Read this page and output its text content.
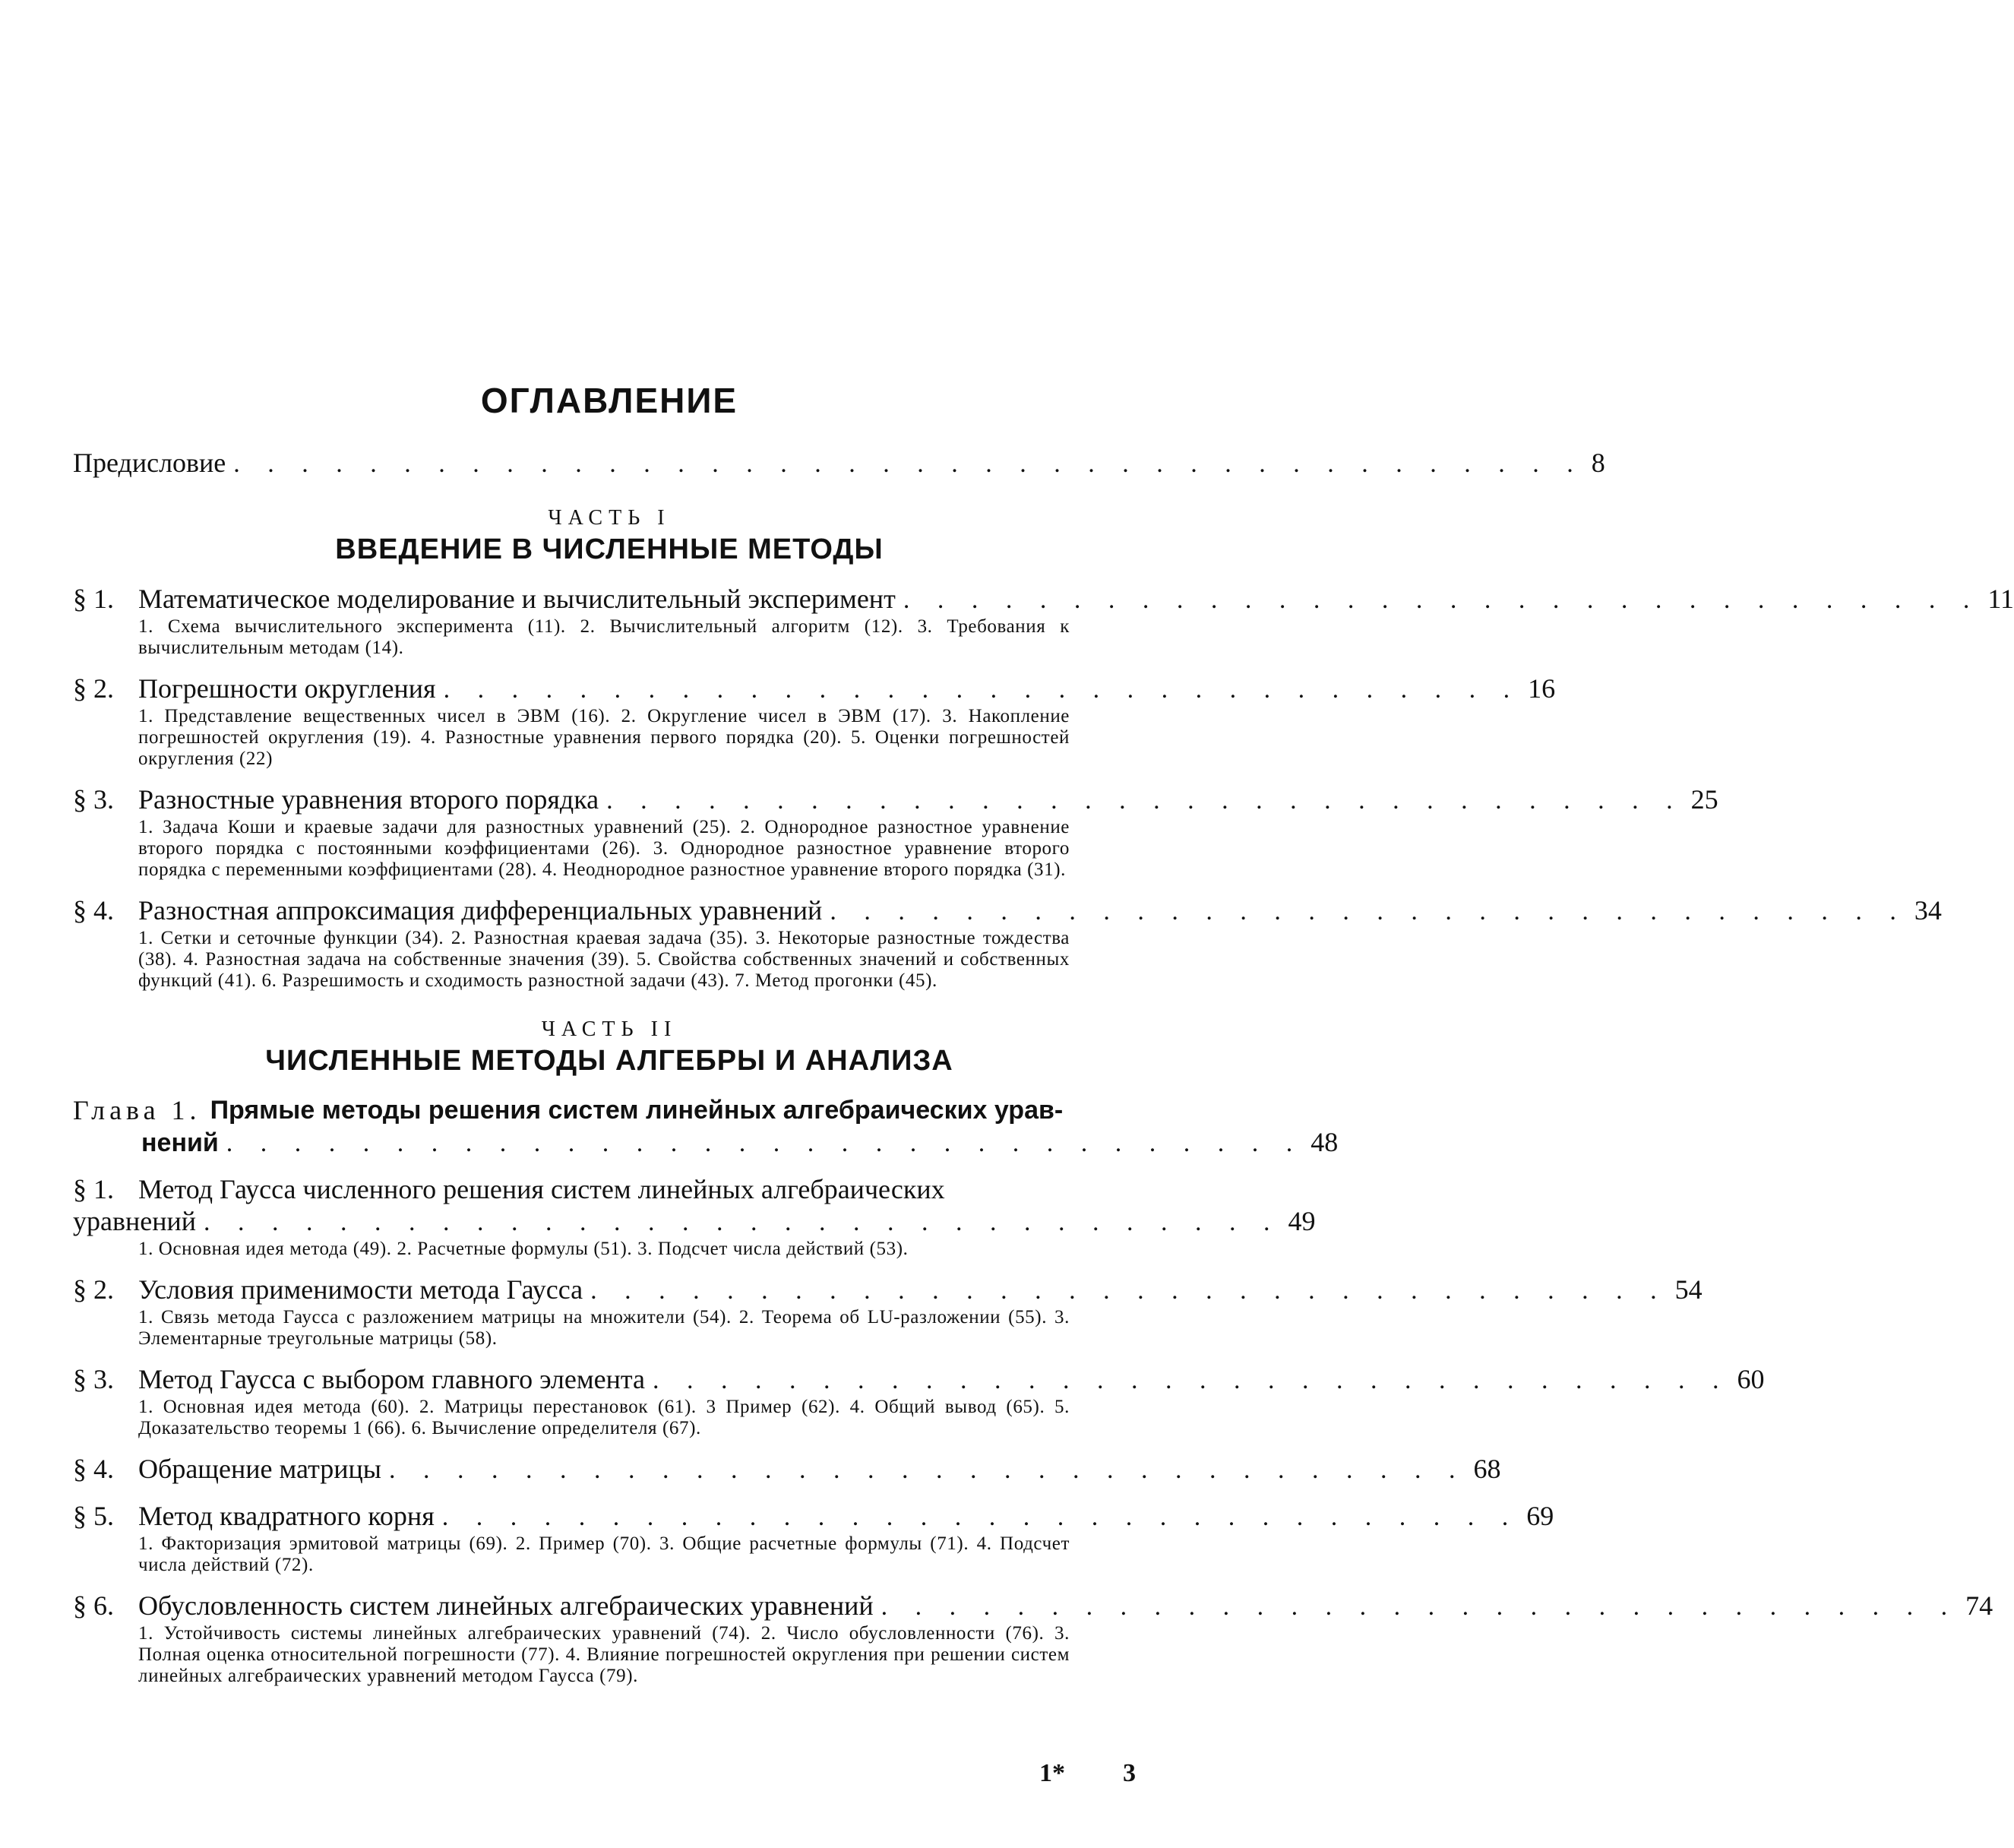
ОГЛАВЛЕНИЕ
Предисловие . . . . . . . . . . . . . . . . . . . . . . . . . . . . . . . . . . . . . . . . 8
ЧАСТЬ I
ВВЕДЕНИЕ В ЧИСЛЕННЫЕ МЕТОДЫ
§ 1. Математическое моделирование и вычислительный эксперимент . . . . . . . . . . . . . . . . . . . . . . . . . . . . . . . . 11
1. Схема вычислительного эксперимента (11). 2. Вычислительный алгоритм (12). 3. Требования к вычислительным методам (14).
§ 2. Погрешности округления . . . . . . . . . . . . . . . . . . . . . . . . . . . . . . . . 16
1. Представление вещественных чисел в ЭВМ (16). 2. Округление чисел в ЭВМ (17). 3. Накопление погрешностей округления (19). 4. Разностные уравнения первого порядка (20). 5. Оценки погрешностей округления (22)
§ 3. Разностные уравнения второго порядка . . . . . . . . . . . . . . . . . . . . . . . . . . . . . . . . 25
1. Задача Коши и краевые задачи для разностных уравнений (25). 2. Однородное разностное уравнение второго порядка с постоянными коэффициентами (26). 3. Однородное разностное уравнение второго порядка с переменными коэффициентами (28). 4. Неоднородное разностное уравнение второго порядка (31).
§ 4. Разностная аппроксимация дифференциальных уравнений . . . . . . . . . . . . . . . . . . . . . . . . . . . . . . . . 34
1. Сетки и сеточные функции (34). 2. Разностная краевая задача (35). 3. Некоторые разностные тождества (38). 4. Разностная задача на собственные значения (39). 5. Свойства собственных значений и собственных функций (41). 6. Разрешимость и сходимость разностной задачи (43). 7. Метод прогонки (45).
ЧАСТЬ II
ЧИСЛЕННЫЕ МЕТОДЫ АЛГЕБРЫ И АНАЛИЗА
Глава 1. Прямые методы решения систем линейных алгебраических урав-
нений . . . . . . . . . . . . . . . . . . . . . . . . . . . . . . . . 48
§ 1. Метод Гаусса численного решения систем линейных алгебраических
уравнений . . . . . . . . . . . . . . . . . . . . . . . . . . . . . . . . 49
1. Основная идея метода (49). 2. Расчетные формулы (51). 3. Подсчет числа действий (53).
§ 2. Условия применимости метода Гаусса . . . . . . . . . . . . . . . . . . . . . . . . . . . . . . . . 54
1. Связь метода Гаусса с разложением матрицы на множители (54). 2. Теорема об LU-разложении (55). 3. Элементарные треугольные матрицы (58).
§ 3. Метод Гаусса с выбором главного элемента . . . . . . . . . . . . . . . . . . . . . . . . . . . . . . . . 60
1. Основная идея метода (60). 2. Матрицы перестановок (61). 3 Пример (62). 4. Общий вывод (65). 5. Доказательство теоремы 1 (66). 6. Вычисление определителя (67).
§ 4. Обращение матрицы . . . . . . . . . . . . . . . . . . . . . . . . . . . . . . . . 68
§ 5. Метод квадратного корня . . . . . . . . . . . . . . . . . . . . . . . . . . . . . . . . 69
1. Факторизация эрмитовой матрицы (69). 2. Пример (70). 3. Общие расчетные формулы (71). 4. Подсчет числа действий (72).
§ 6. Обусловленность систем линейных алгебраических уравнений . . . . . . . . . . . . . . . . . . . . . . . . . . . . . . . . 74
1. Устойчивость системы линейных алгебраических уравнений (74). 2. Число обусловленности (76). 3. Полная оценка относительной погрешности (77). 4. Влияние погрешностей округления при решении систем линейных алгебраических уравнений методом Гаусса (79).
1* 3
